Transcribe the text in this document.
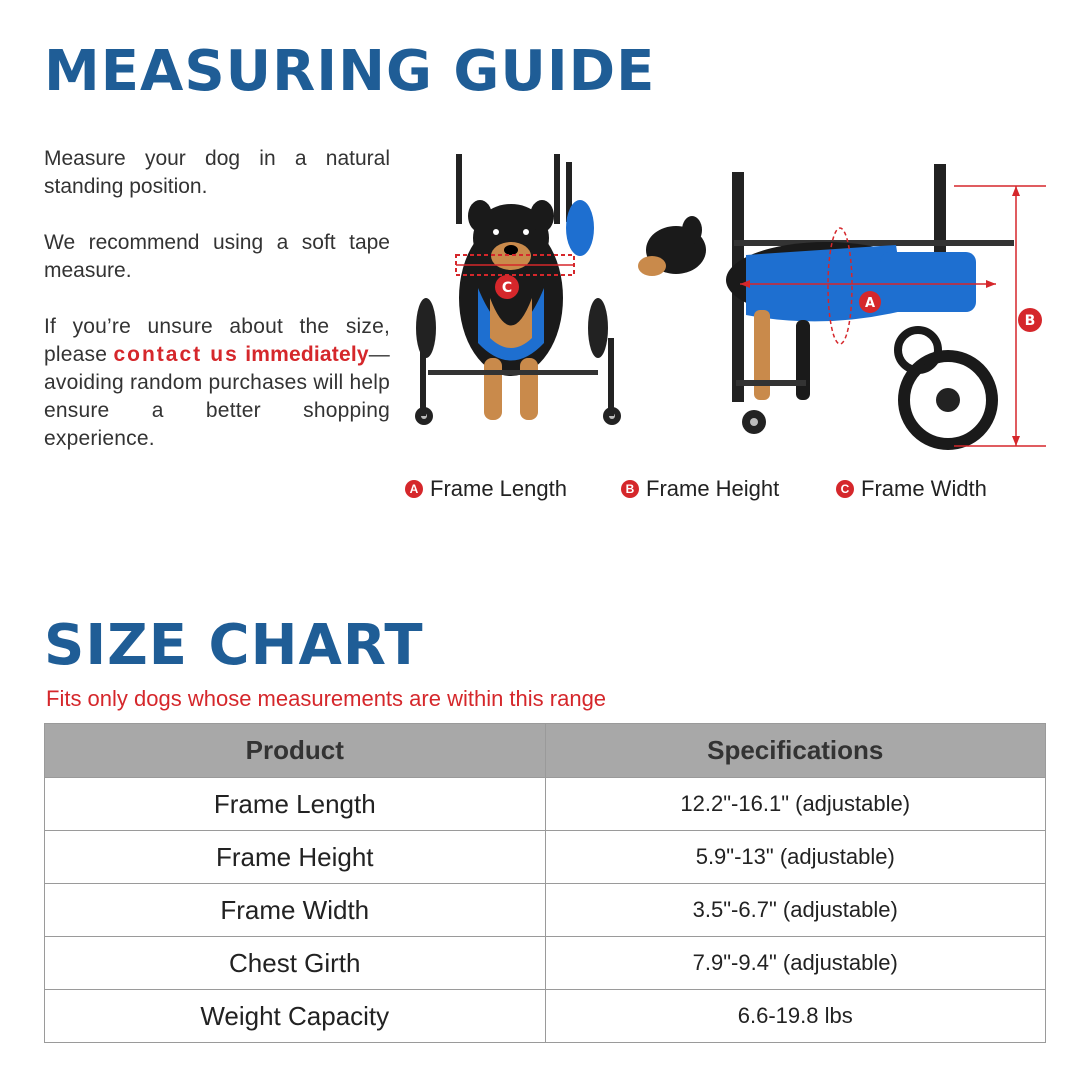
MEASURING GUIDE
Measure your dog in a natural standing position.
We recommend using a soft tape measure.
If you’re unsure about the size, please contact us immediately—avoiding random purchases will help ensure a better shopping experience.
C
A
B
A Frame Length	B Frame Height	C Frame Width
SIZE CHART
Fits only dogs whose measurements are within this range
Product	Specifications
Frame Length	12.2"-16.1" (adjustable)
Frame Height	5.9"-13" (adjustable)
Frame Width	3.5"-6.7" (adjustable)
Chest Girth	7.9"-9.4" (adjustable)
Weight Capacity	6.6-19.8 lbs
